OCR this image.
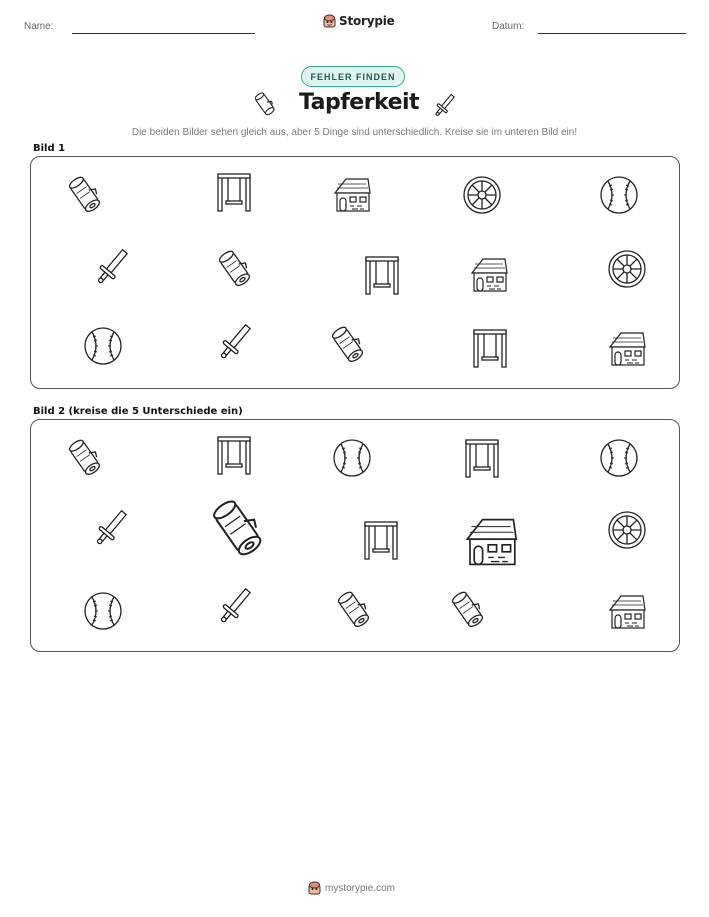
Name:	Storypie	Datum:
FEHLER FINDEN
Tapferkeit
Die beiden Bilder sehen gleich aus, aber 5 Dinge sind unterschiedlich. Kreise sie im unteren Bild ein!
Bild 1
Bild 2 (kreise die 5 Unterschiede ein)
mystorypie.com
